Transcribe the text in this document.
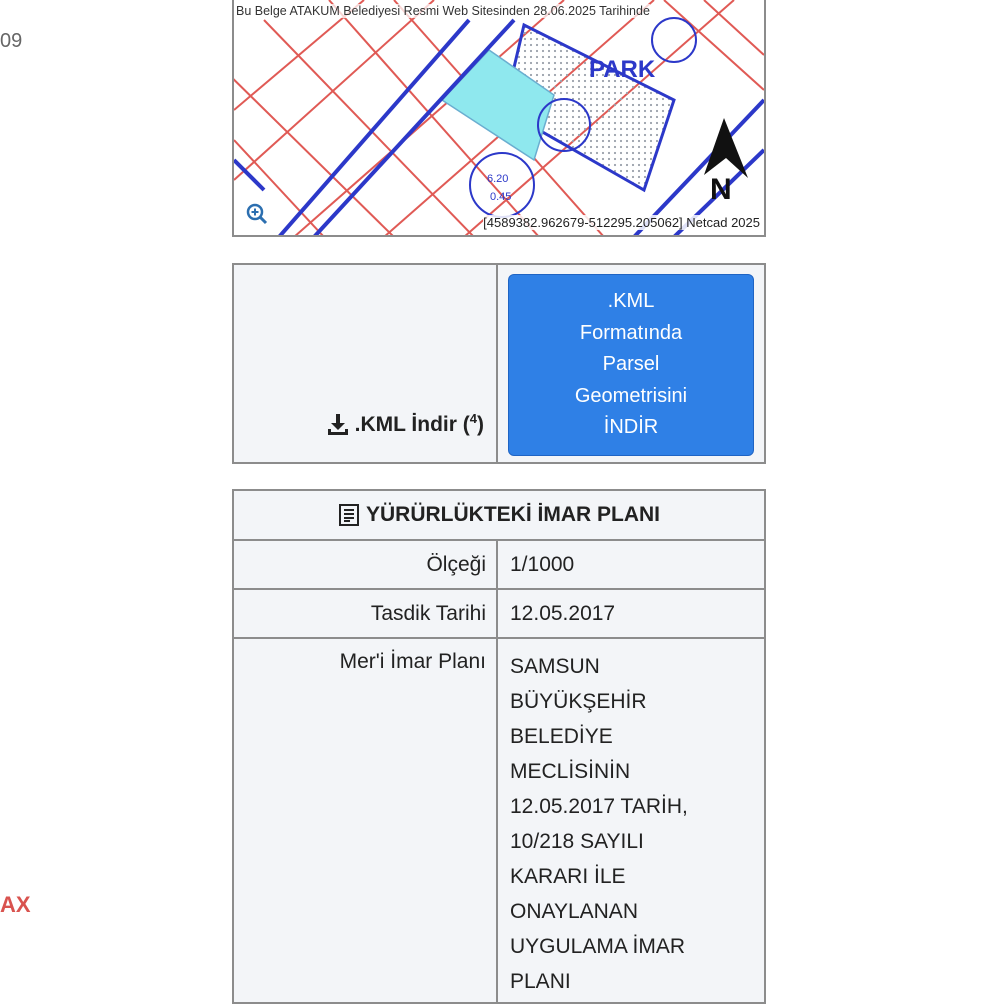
09
AX
6.20
0.45
Bu Belge ATAKUM Belediyesi Resmi Web Sitesinden 28.06.2025 Tarihinde
PARK
N
[4589382.962679-512295.205062] Netcad 2025
.KML İndir ($^4$)
.KML
Formatında
Parsel
Geometrisini
İNDİR
YÜRÜRLÜKTEKİ İMAR PLANI
Ölçeği	1/1000
Tasdik Tarihi	12.05.2017
Mer'i İmar Planı	SAMSUN
BÜYÜKŞEHİR
BELEDİYE
MECLİSİNİN
12.05.2017 TARİH,
10/218 SAYILI
KARARI İLE
ONAYLANAN
UYGULAMA İMAR
PLANI
